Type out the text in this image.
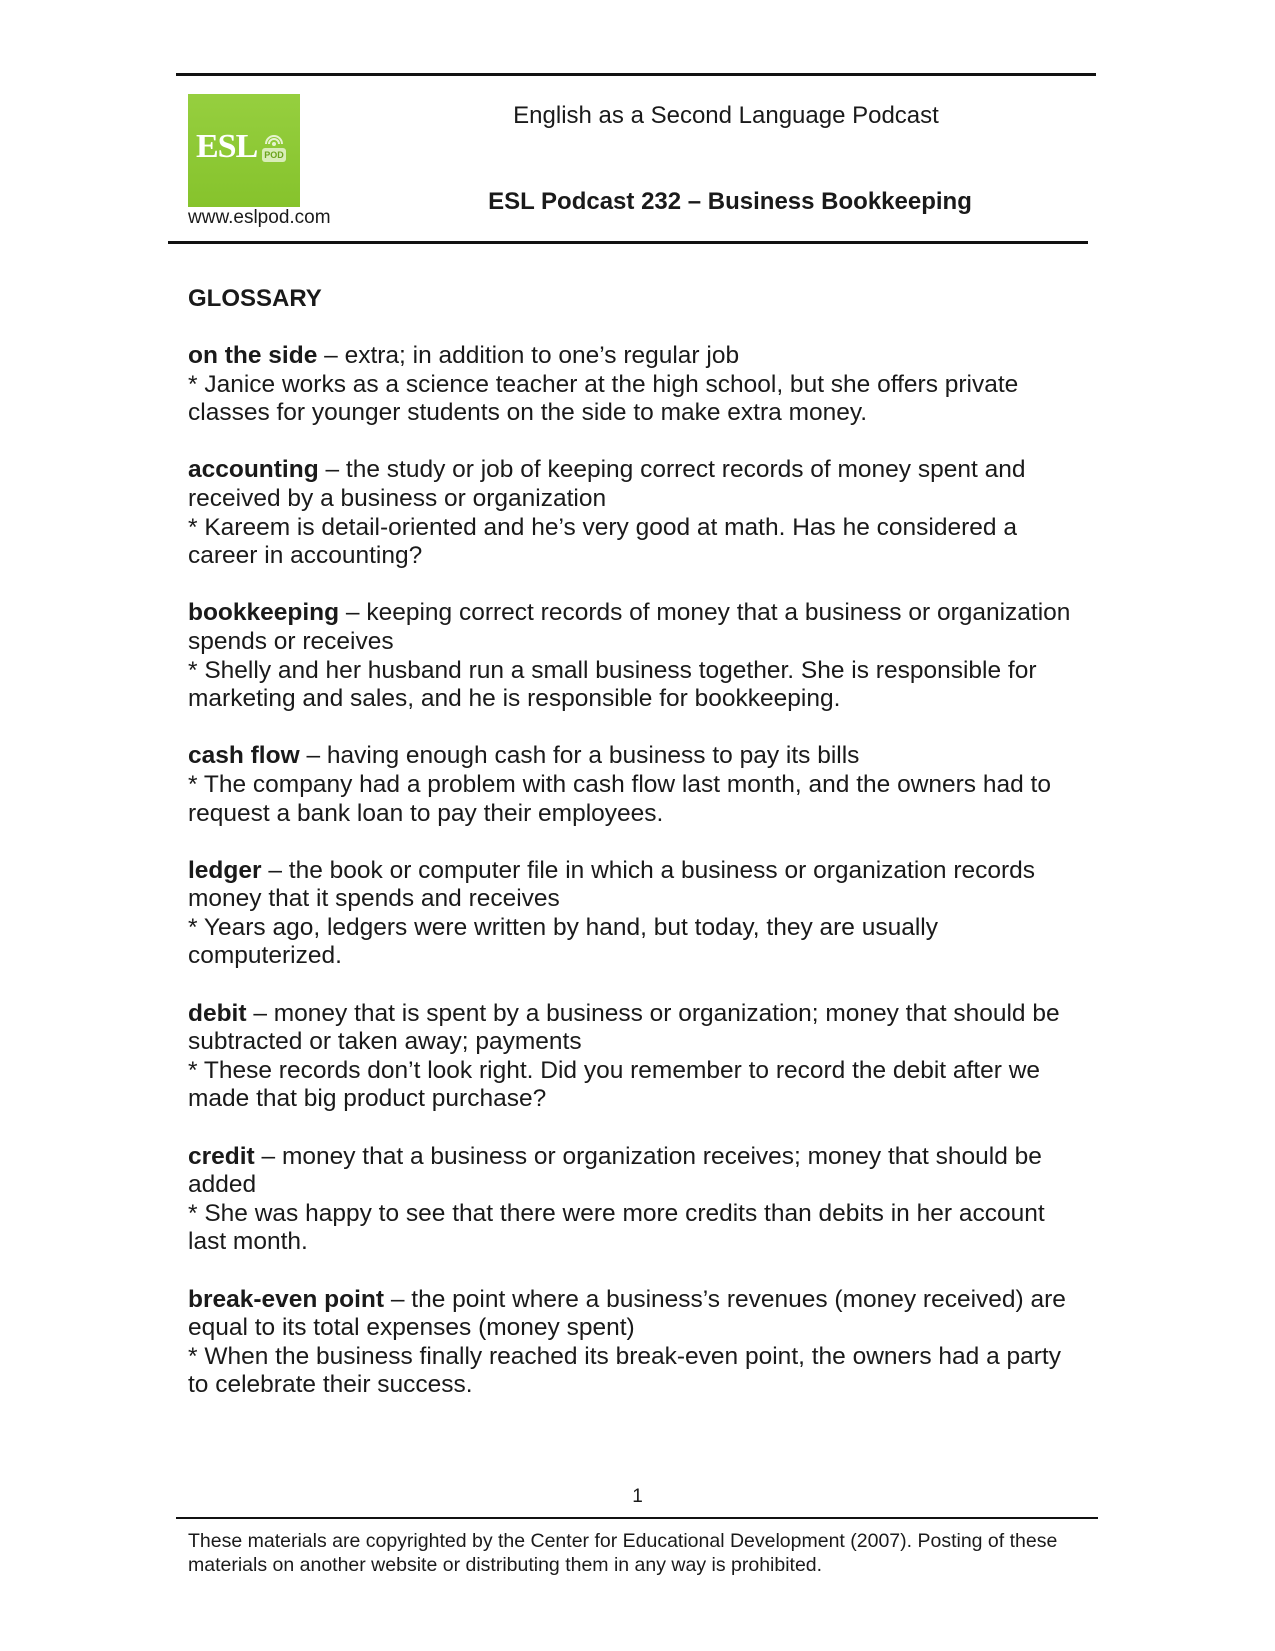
ESL POD
www.eslpod.com
English as a Second Language Podcast
ESL Podcast 232 – Business Bookkeeping
GLOSSARY

on the side – extra; in addition to one’s regular job

* Janice works as a science teacher at the high school, but she offers private classes for younger students on the side to make extra money.

accounting – the study or job of keeping correct records of money spent and received by a business or organization

* Kareem is detail-oriented and he’s very good at math. Has he considered a career in accounting?

bookkeeping – keeping correct records of money that a business or organization spends or receives

* Shelly and her husband run a small business together. She is responsible for marketing and sales, and he is responsible for bookkeeping.

cash flow – having enough cash for a business to pay its bills

* The company had a problem with cash flow last month, and the owners had to request a bank loan to pay their employees.

ledger – the book or computer file in which a business or organization records money that it spends and receives

* Years ago, ledgers were written by hand, but today, they are usually computerized.

debit – money that is spent by a business or organization; money that should be subtracted or taken away; payments

* These records don’t look right. Did you remember to record the debit after we made that big product purchase?

credit – money that a business or organization receives; money that should be added

* She was happy to see that there were more credits than debits in her account last month.

break-even point – the point where a business’s revenues (money received) are equal to its total expenses (money spent)

* When the business finally reached its break-even point, the owners had a party to celebrate their success.

1
These materials are copyrighted by the Center for Educational Development (2007). Posting of these materials on another website or distributing them in any way is prohibited.
